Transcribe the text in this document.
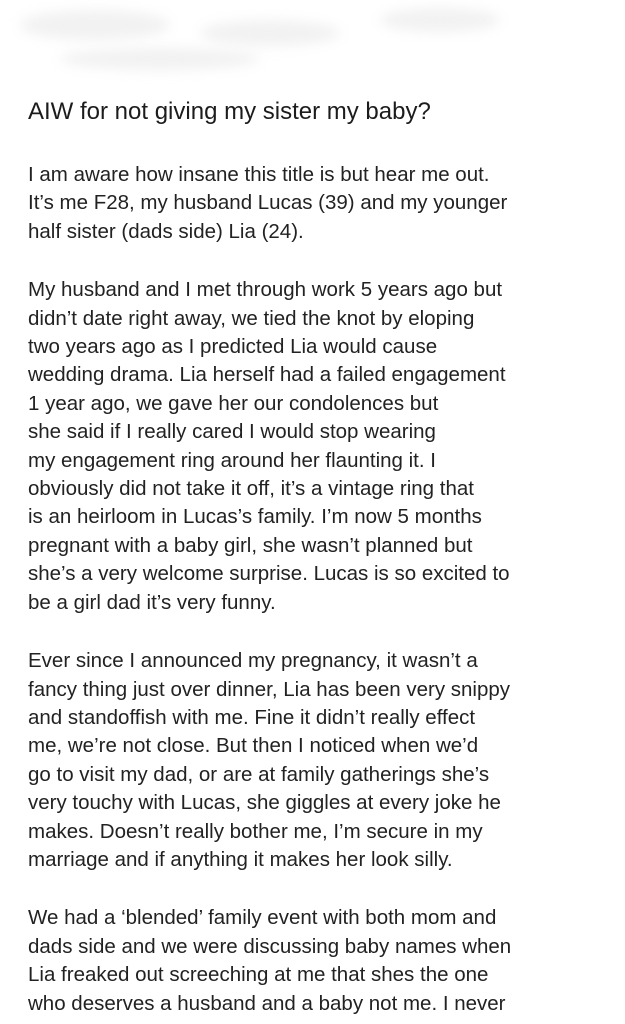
AIW for not giving my sister my baby?
I am aware how insane this title is but hear me out.
It’s me F28, my husband Lucas (39) and my younger
half sister (dads side) Lia (24).
My husband and I met through work 5 years ago but
didn’t date right away, we tied the knot by eloping
two years ago as I predicted Lia would cause
wedding drama. Lia herself had a failed engagement
1 year ago, we gave her our condolences but
she said if I really cared I would stop wearing
my engagement ring around her flaunting it. I
obviously did not take it off, it’s a vintage ring that
is an heirloom in Lucas’s family. I’m now 5 months
pregnant with a baby girl, she wasn’t planned but
she’s a very welcome surprise. Lucas is so excited to
be a girl dad it’s very funny.
Ever since I announced my pregnancy, it wasn’t a
fancy thing just over dinner, Lia has been very snippy
and standoffish with me. Fine it didn’t really effect
me, we’re not close. But then I noticed when we’d
go to visit my dad, or are at family gatherings she’s
very touchy with Lucas, she giggles at every joke he
makes. Doesn’t really bother me, I’m secure in my
marriage and if anything it makes her look silly.
We had a ‘blended’ family event with both mom and
dads side and we were discussing baby names when
Lia freaked out screeching at me that shes the one
who deserves a husband and a baby not me. I never
